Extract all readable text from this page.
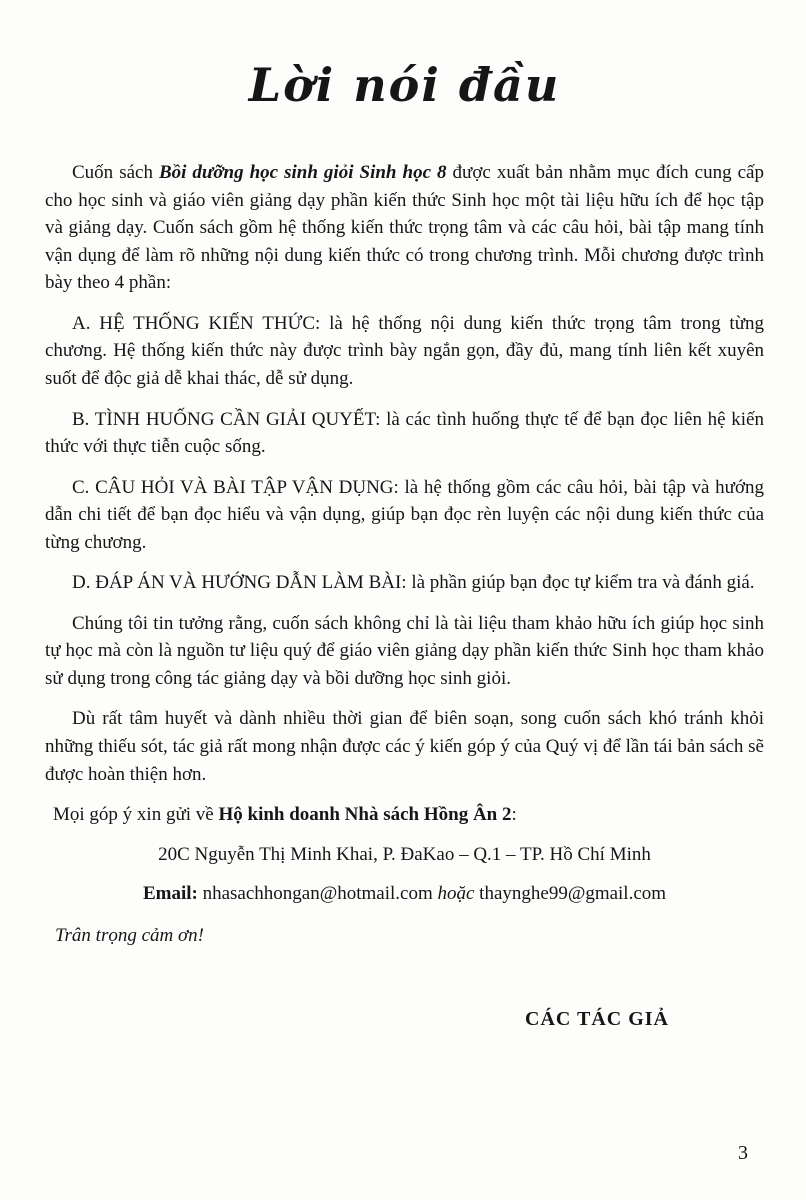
Lời nói đầu

Cuốn sách Bồi dưỡng học sinh giỏi Sinh học 8 được xuất bản nhằm mục đích cung cấp cho học sinh và giáo viên giảng dạy phần kiến thức Sinh học một tài liệu hữu ích để học tập và giảng dạy. Cuốn sách gồm hệ thống kiến thức trọng tâm và các câu hỏi, bài tập mang tính vận dụng để làm rõ những nội dung kiến thức có trong chương trình. Mỗi chương được trình bày theo 4 phần:

A. HỆ THỐNG KIẾN THỨC: là hệ thống nội dung kiến thức trọng tâm trong từng chương. Hệ thống kiến thức này được trình bày ngắn gọn, đầy đủ, mang tính liên kết xuyên suốt để độc giả dễ khai thác, dễ sử dụng.

B. TÌNH HUỐNG CẦN GIẢI QUYẾT: là các tình huống thực tế để bạn đọc liên hệ kiến thức với thực tiễn cuộc sống.

C. CÂU HỎI VÀ BÀI TẬP VẬN DỤNG: là hệ thống gồm các câu hỏi, bài tập và hướng dẫn chi tiết để bạn đọc hiểu và vận dụng, giúp bạn đọc rèn luyện các nội dung kiến thức của từng chương.

D. ĐÁP ÁN VÀ HƯỚNG DẪN LÀM BÀI: là phần giúp bạn đọc tự kiểm tra và đánh giá.

Chúng tôi tin tưởng rằng, cuốn sách không chỉ là tài liệu tham khảo hữu ích giúp học sinh tự học mà còn là nguồn tư liệu quý để giáo viên giảng dạy phần kiến thức Sinh học tham khảo sử dụng trong công tác giảng dạy và bồi dưỡng học sinh giỏi.

Dù rất tâm huyết và dành nhiều thời gian để biên soạn, song cuốn sách khó tránh khỏi những thiếu sót, tác giả rất mong nhận được các ý kiến góp ý của Quý vị để lần tái bản sách sẽ được hoàn thiện hơn.

Mọi góp ý xin gửi về Hộ kinh doanh Nhà sách Hồng Ân 2:

20C Nguyễn Thị Minh Khai, P. ĐaKao – Q.1 – TP. Hồ Chí Minh

Email: nhasachhongan@hotmail.com hoặc thaynghe99@gmail.com

Trân trọng cảm ơn!

CÁC TÁC GIẢ
3
